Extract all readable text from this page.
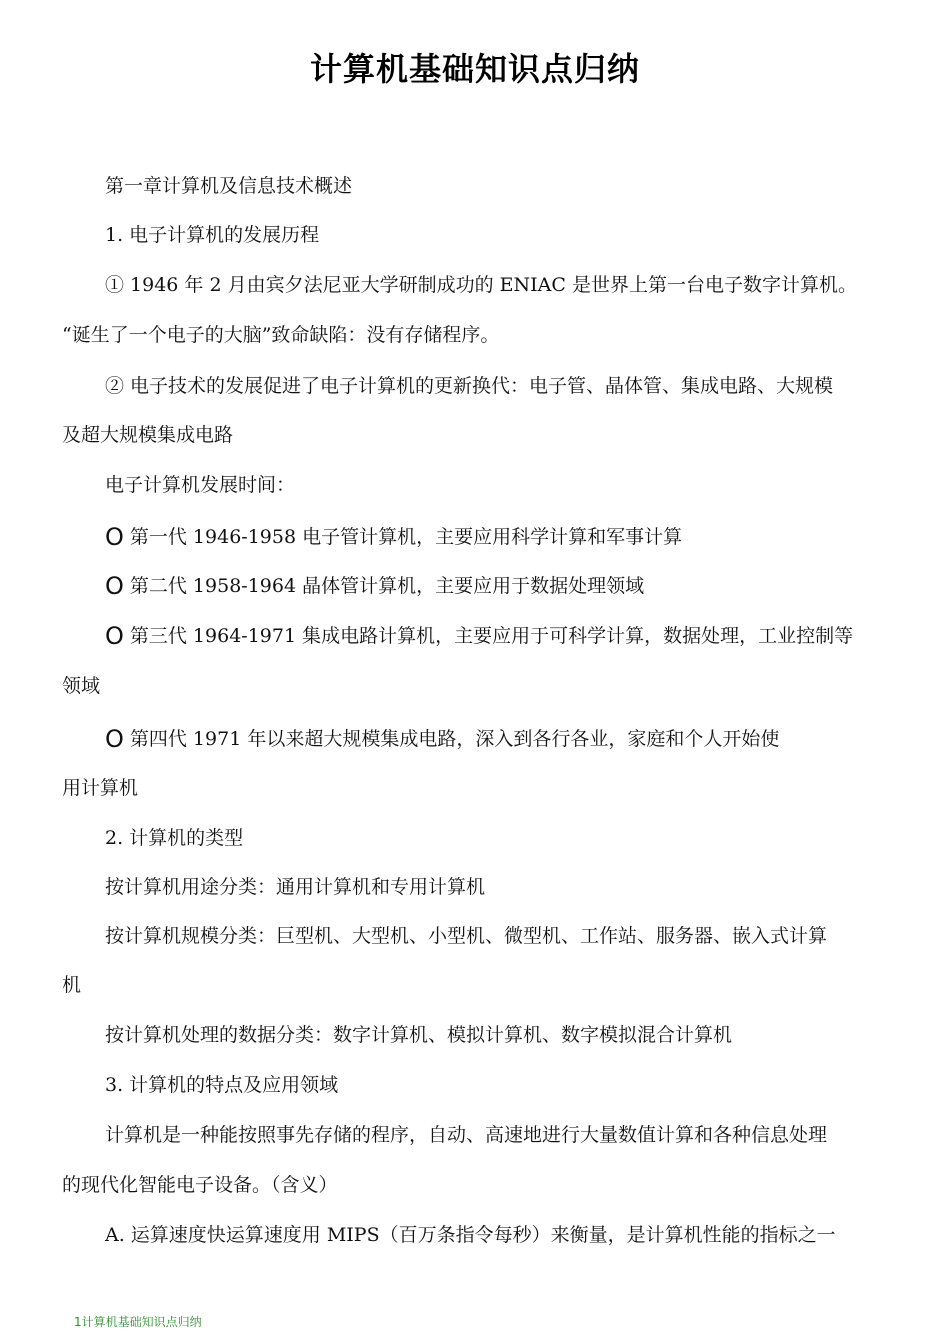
计算机基础知识点归纳
第一章计算机及信息技术概述
1. 电子计算机的发展历程
① 1946 年 2 月由宾夕法尼亚大学研制成功的 ENIAC 是世界上第一台电子数字计算机。
“诞生了一个电子的大脑”致命缺陷：没有存储程序。
② 电子技术的发展促进了电子计算机的更新换代：电子管、晶体管、集成电路、大规模
及超大规模集成电路
电子计算机发展时间：
O 第一代 1946-1958 电子管计算机，主要应用科学计算和军事计算
O 第二代 1958-1964 晶体管计算机，主要应用于数据处理领域
O 第三代 1964-1971 集成电路计算机，主要应用于可科学计算，数据处理，工业控制等
领域
O 第四代 1971 年以来超大规模集成电路，深入到各行各业，家庭和个人开始使
用计算机
2. 计算机的类型
按计算机用途分类：通用计算机和专用计算机
按计算机规模分类：巨型机、大型机、小型机、微型机、工作站、服务器、嵌入式计算
机
按计算机处理的数据分类：数字计算机、模拟计算机、数字模拟混合计算机
3. 计算机的特点及应用领域
计算机是一种能按照事先存储的程序，自动、高速地进行大量数值计算和各种信息处理
的现代化智能电子设备。（含义）
A. 运算速度快运算速度用 MIPS（百万条指令每秒）来衡量，是计算机性能的指标之一
1计算机基础知识点归纳
